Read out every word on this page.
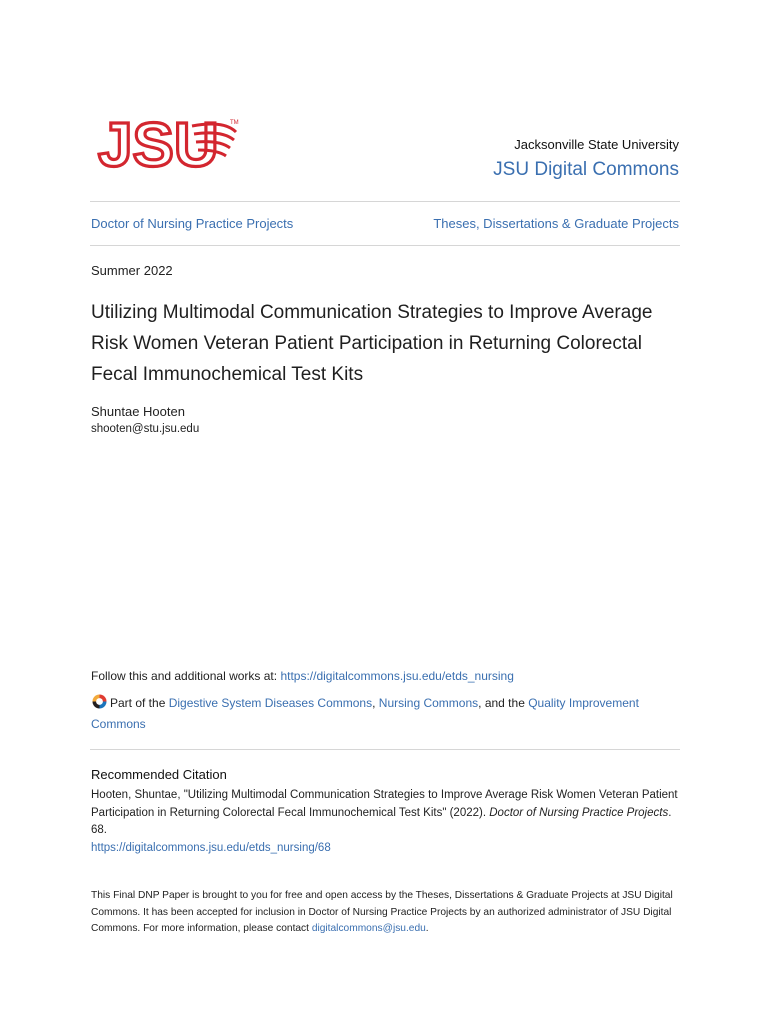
JSU TM
Jacksonville State University
JSU Digital Commons
Doctor of Nursing Practice Projects	Theses, Dissertations & Graduate Projects
Summer 2022
Utilizing Multimodal Communication Strategies to Improve Average Risk Women Veteran Patient Participation in Returning Colorectal Fecal Immunochemical Test Kits
Shuntae Hooten
shooten@stu.jsu.edu
Follow this and additional works at: https://digitalcommons.jsu.edu/etds_nursing
Part of the Digestive System Diseases Commons, Nursing Commons, and the Quality Improvement Commons
Recommended Citation
Hooten, Shuntae, "Utilizing Multimodal Communication Strategies to Improve Average Risk Women Veteran Patient Participation in Returning Colorectal Fecal Immunochemical Test Kits" (2022). Doctor of Nursing Practice Projects. 68.
https://digitalcommons.jsu.edu/etds_nursing/68
This Final DNP Paper is brought to you for free and open access by the Theses, Dissertations & Graduate Projects at JSU Digital Commons. It has been accepted for inclusion in Doctor of Nursing Practice Projects by an authorized administrator of JSU Digital Commons. For more information, please contact digitalcommons@jsu.edu.
